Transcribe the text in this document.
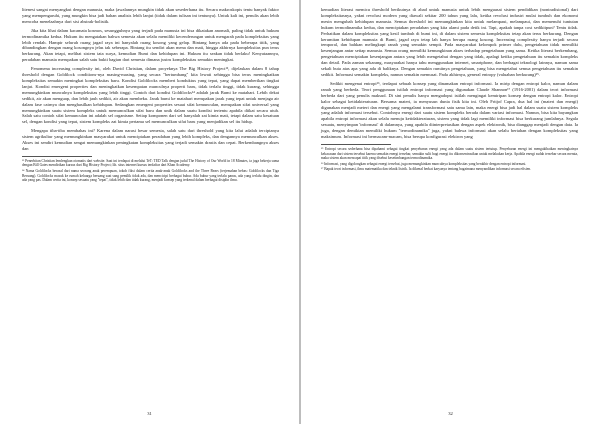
litenesi sangat menyangkut dengan manusia, maka (awalannya mungkin tidak akan sesederhana itu. Secara makroskopis tentu banyak faktor yang mempengaruhi, yang mungkin bisa jadi bahan analisis lebih lanjut (tidak dalam tulisan ini tentunya). Untuk kali ini, penulis akan lebih mencoba menelaahnya dari sisi abstrak-holistik.

Jika kita lihat dalam kacamata kosmos, sesungguhnya yang terjadi pada manusia ini bisa dikatakan anomali, paling tidak untuk hukum termodinamika kedua. Hukum itu mengatakan bahwa semesta akan selalu memiliki kecenderungan untuk mengarah pada kompleksitas yang lebih rendah. Hampir seluruh ruang jagad raya ini hanyalah ruang kosong yang gelap. Bintang hanya ada pada beberapa titik, yang dibandingkan dengan ruang kosongnya jelas tak seberapa. Bintang itu sendiri akan mena dan mati, hingga akhirnya kompleksitas pun terus berkurang. Akan tetapi, melihat sistem tata surya, kemudian Bumi dan kehidupan ini. Hukum itu seakan tidak berlaku! Kenyataannya, peradaban manusia merupakan salah satu bukti bagian dari semesta dimana justru kompleksitas semakin meningkat.

Fenomena increasing complexity ini, oleh David Christian, dalam proyeknya The Big History Project¹³, dijelaskan dalam 8 tahap threshold dengan Goldilock conditions-nya masing-masing, yang secara "bertumbang" kita lewati sehingga bisa terus meningkatkan kompleksitas semakin meningkat kompleksitas baru. Kondisi Goldilocks memberi konduktus yang tepat, yang dapat memberikan tingkat lanjut. Kondisi emergent properties dan meningkatkan kesempatan munculnya properti baru, tidak terlalu tinggi, tidak kurang, sehingga memungkinkan munculnya kompleksitas yang lebih tinggi. Contoh dari kondisi Goldilocks¹⁴ adalah jarak Bumi ke matahari. Lebih dekat sedikit, air akan menguap, dan lebih jauh sedikit, air akan membeku. Jarak bumi ke matahari merupakan jarak yang tepat untuk menjaga air dalam fase cairnya dan menghasilkan kehidupan. Sedangkan emergent properties sesuai sifat kemunculan, merupakan sifat universal yang memungkinkan suatu sistem kompleks untuk memunculkan sifat baru dan unik dalam suatu kondisi tertentu apabila diikat secara utuh. Salah satu contoh sifat kemunculan ini adalah sel organisme. Setiap komponen dari sel hanyalah zat kimia mati, tetapi dalam satu kesatuan sel, dengan kondisi yang tepat, sistem kompleks zat kimia pertama sel memunculkan sifat baru yang menjadikan sel itu hidup.

Mengapa tiba-tiba membahas ini? Karena dalam narasi besar semesta, salah satu dari threshold yang kita lalui adalah terciptanya sistem agrikultur yang memungkinkan masyarakat untuk menciptakan peradaban yang lebih kompleks, dan dengannya memunculkan akses. Akses ini sendiri kemudian sengat memungkinkan peningkatan kompleksitas yang terjadi semakin drastis dan cepat. Berkembangnya akses dan

¹³ Penerbitan Christian lemlengkan otomatis dari website. Saat ini terdapat di melalui TeT: TED Talk dengan judul The History of Our World in 18 Minutes, ia juga bekerja sama dengan Bill Gates mendirikan kursus dari Big History Project; lih. situs internet kursus terdaftar dari Khan Academy.

¹⁴ Nama Goldilocks berasal dari nama seorang anak perempuan, tokoh fiksi dalam cerita anak-anak Goldilocks and the Three Bears (terjemahan bebas: Goldilocks dan Tiga Beruang). Goldilocks masuk ke rumah keluarga beruang saat sang pemilik tidak ada, dan mencicipi berbagai bubur. Ada bubur yang terlalu panas, ada yang terlalu dingin, dan ada yang pas. Dalam cerita ini, konsep sesuatu yang "tepat", tidak lebih dan tidak kurang, menjadi konsep yang terkenal dalam berbagai disiplin ilmu.

31

kemudian literasi memicu threshold berikutnya di abad untuk manusia untuk lebih menguasai sistem pendidikan (nontradisional) dari kompleksitasnya, yakni revolusi modern yang diawali sekitar 200 tahun yang lalu, ketika revolusi industri mulai tumbuh dan ekonomi mesin mengubah kehidupan manusia. Semua threshold ini memungkinkan kita untuk melampaui, melampaui, dan memenuhi tuntutan hukum termodinamika kedua, dan menciptakan peradaban yang kita alami pada detik ini. Tapi, apakah tanpa cost sedikitpun? Tentu tidak. Perhatikan dalam kompleksitas yang kesil tumbuh di bumi ini, di dalam sistem semesta kompleksitas tetap akan terus berkurang. Dengan kerumitan kehidupan manusia di Bumi, jagad raya tetap lah hanya berupa ruang kosong. Increasing complexity hanya terjadi secara temporal, dan bahkan melingkupi ranah yang semakin sempit. Pada masyarakat kelompok primer dulu, pengetahuan tidak memiliki kesenjangan antar setiap manusia. Semua orang memiliki kemungkinan akses terhadap pengetahuan yang sama. Ketika literasi berkembang, pengetahuan menciptakan kesenjangan antara yang lebih mengetahui dengan yang tidak, apalagi ketika pengetahuan itu semakin kompleks dan detail. Pada zaman sekarang, masyarakat hanya tahu menggunakan internet, smartphone, dan berbagai teknologi lainnya, namun sama sekali buta atas apa yang ada di baliknya. Dengan semakin rumitnya pengetahuan, yang bisa mengetahui semua pengetahuan itu semakin sedikit. Informasi semakin kompleks, namun semakin memusat. Pada akhirnya, general entropy (valuaban berkurang)¹⁵.

Sedikit mengenai entropi¹⁶, terdapat sebuah konsep yang dinamakan entropi informasi. Ia mirip dengan entropi kalor, namun dalam ranah yang berbeda. Teori penggunaan istilah entropi informasi yang digunakan Claude Shannon¹⁷ (1916-2001) dalam teori informasi berbeda dari yang penulis maksud. Di sini penulis hanya mengadopsi istilah mengingat kemiripan konsep dengan entropi kalor. Entropi kalor sebagai ketidakteraturan. Bersama materi, ia menyusun dunia fisik kita ini. Oleh Fritjof Capra, dua hal ini (materi dan energi) digunakan menjadi meteri dan energi yang mengalami transformasi satu sama lain, maka energi bisa jadi hal dalam suatu sistem kompleks yang adalah informasi tersebut. Contohnya energi dari suatu sistem kompleks berada dalam variasi informasi. Namun, bisa kita bayangkan apabila entropi informasi akan selalu menuju ketidakteraturan, sistem yang tidak lagi memiliki informasi bisa berkurang jumlahnya. Segala sesuatu, menyimpan 'informasi' di dalamnya, yang apabila diinterpretasikan dengan aspek elektronik, bisa dianggap menjadi dengan data. Ia juga, dengan demikian memiliki hukum "termodinamika" juga, yakni bahwa informasi akan selalu bertahan dengan kompleksitas yang maksimum. Informasi ini bermacam-macam, bisa berupa konfigurasi elektron yang

¹⁵ Entropi secara sederhana bisa dipahami sebagai tingkat penyebaran energi yang ada dalam suatu sistem tertutup. Penyebaran energi ini mengakibatkan meningkatnya kekacauan dari sistem tersebut karena semakin energi tersebar, semakin sulit bagi energi itu dikonsentrasikan untuk melakukan kerja. Apabila energi sudah tersebar secara merata, maka sistem akan mencapai titik yang disebut kesetimbangan termodinamika.

¹⁶ Informasi, yang digolongkan sebagai energi tersebut, juga memungkinkan munculnya kompleksitas yang berakhir dengan entropi informasi.

¹⁷ Bapak teori informasi, ilmu matematika dan teknik listrik. Ia dikenal berkat karyanya tentang bagaimana menyandikan informasi secara efisien.

32
